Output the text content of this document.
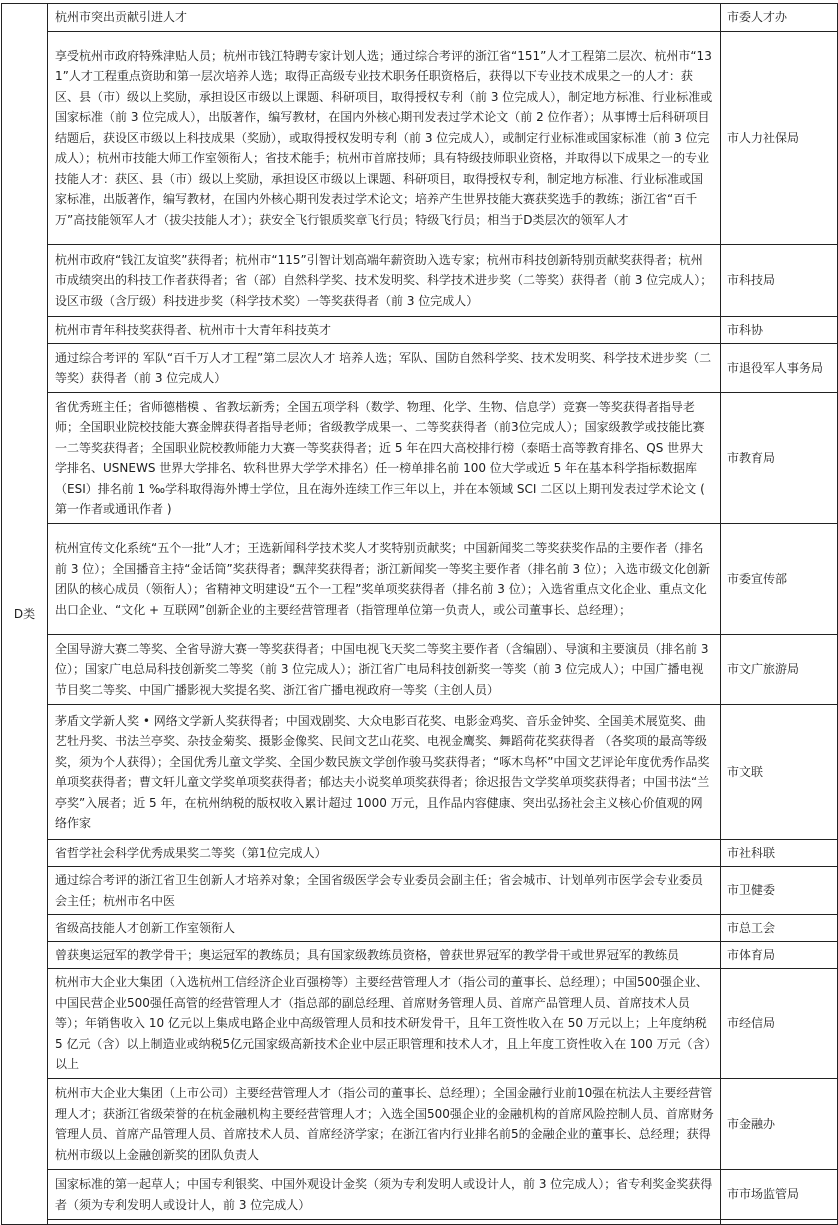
D类	杭州市突出贡献引进人才	市委人才办

	享受杭州市政府特殊津贴人员；杭州市钱江特聘专家计划人选；通过综合考评的浙江省“151”人才工程第二层次、杭州市“131”人才工程重点资助和第一层次培养人选；取得正高级专业技术职务任职资格后，获得以下专业技术成果之一的人才：获区、县（市）级以上奖励，承担设区市级以上课题、科研项目，取得授权专利（前 3 位完成人），制定地方标准、行业标准或国家标准（前 3 位完成人），出版著作，编写教材，在国内外核心期刊发表过学术论文（前 2 位作者）；从事博士后科研项目结题后，获设区市级以上科技成果（奖励），或取得授权发明专利（前 3 位完成人），或制定行业标准或国家标准（前 3 位完成人）；杭州市技能大师工作室领衔人；省技术能手；杭州市首席技师；具有特级技师职业资格，并取得以下成果之一的专业技能人才：获区、县（市）级以上奖励，承担设区市级以上课题、科研项目，取得授权专利，制定地方标准、行业标准或国家标准，出版著作，编写教材，在国内外核心期刊发表过学术论文；培养产生世界技能大赛获奖选手的教练；浙江省“百千万”高技能领军人才（拔尖技能人才）；获安全飞行银质奖章飞行员；特级飞行员；相当于D类层次的领军人才	市人力社保局

	杭州市政府“钱江友谊奖”获得者；杭州市“115”引智计划高端年薪资助入选专家；杭州市科技创新特别贡献奖获得者；杭州市成绩突出的科技工作者获得者；省（部）自然科学奖、技术发明奖、科学技术进步奖（二等奖）获得者（前 3 位完成人）；设区市级（含厅级）科技进步奖（科学技术奖）一等奖获得者（前 3 位完成人）	市科技局

	杭州市青年科技奖获得者、杭州市十大青年科技英才	市科协

	通过综合考评的 军队“百千万人才工程”第二层次人才 培养人选；军队、国防自然科学奖、技术发明奖、科学技术进步奖（二等奖）获得者（前 3 位完成人）	市退役军人事务局

	省优秀班主任；省师德楷模 、省教坛新秀；全国五项学科（数学、物理、化学、生物、信息学）竞赛一等奖获得者指导老师；全国职业院校技能大赛金牌获得者指导老师；省级教学成果一、二等奖获得者（前3位完成人）；国家级教学或技能比赛一二等奖获得者；全国职业院校教师能力大赛一等奖获得者；近 5 年在四大高校排行榜（泰晤士高等教育排名、QS 世界大学排名、USNEWS 世界大学排名、软科世界大学学术排名）任一榜单排名前 100 位大学或近 5 年在基本科学指标数据库（ESI）排名前 1 ‰学科取得海外博士学位，且在海外连续工作三年以上，并在本领域 SCI 二区以上期刊发表过学术论文 ( 第一作者或通讯作者 )	市教育局

	杭州宣传文化系统“五个一批”人才；王选新闻科学技术奖人才奖特别贡献奖；中国新闻奖二等奖获奖作品的主要作者（排名前 3 位）；全国播音主持“金话筒”奖获得者；飘萍奖获得者；浙江新闻奖一等奖主要作者（排名前 3 位）；入选市级文化创新团队的核心成员（领衔人）；省精神文明建设“五个一工程”奖单项奖获得者（排名前 3 位）；入选省重点文化企业、重点文化出口企业、“文化 + 互联网”创新企业的主要经营管理者（指管理单位第一负责人，或公司董事长、总经理）；	市委宣传部

	全国导游大赛二等奖、全省导游大赛一等奖获得者；中国电视飞天奖二等奖主要作者（含编剧）、导演和主要演员（排名前 3 位）；国家广电总局科技创新奖二等奖（前 3 位完成人）；浙江省广电局科技创新奖一等奖（前 3 位完成人）；中国广播电视节目奖二等奖、中国广播影视大奖提名奖、浙江省广播电视政府一等奖（主创人员）	市文广旅游局

	茅盾文学新人奖 • 网络文学新人奖获得者；中国戏剧奖、大众电影百花奖、电影金鸡奖、音乐金钟奖、全国美术展览奖、曲艺牡丹奖、书法兰亭奖、杂技金菊奖、摄影金像奖、民间文艺山花奖、电视金鹰奖、舞蹈荷花奖获得者 （各奖项的最高等级奖，须为个人获得）；全国优秀儿童文学奖、全国少数民族文学创作骏马奖获得者；“啄木鸟杯”中国文艺评论年度优秀作品奖单项奖获得者；曹文轩儿童文学奖单项奖获得者；郁达夫小说奖单项奖获得者；徐迟报告文学奖单项奖获得者；中国书法“兰亭奖”入展者；近 5 年，在杭州纳税的版权收入累计超过 1000 万元，且作品内容健康、突出弘扬社会主义核心价值观的网络作家	市文联

	省哲学社会科学优秀成果奖二等奖（第1位完成人）	市社科联

	通过综合考评的浙江省卫生创新人才培养对象；全国省级医学会专业委员会副主任；省会城市、计划单列市医学会专业委员会主任；杭州市名中医	市卫健委

	省级高技能人才创新工作室领衔人	市总工会

	曾获奥运冠军的教学骨干；奥运冠军的教练员；具有国家级教练员资格，曾获世界冠军的教学骨干或世界冠军的教练员	市体育局

	杭州市大企业大集团（入选杭州工信经济企业百强榜等）主要经营管理人才（指公司的董事长、总经理）；中国500强企业、中国民营企业500强任高管的经营管理人才（指总部的副总经理、首席财务管理人员、首席产品管理人员、首席技术人员等）；年销售收入 10 亿元以上集成电路企业中高级管理人员和技术研发骨干，且年工资性收入在 50 万元以上；上年度纳税 5 亿元（含）以上制造业或纳税5亿元国家级高新技术企业中层正职管理和技术人才，且上年度工资性收入在 100 万元（含）以上	市经信局

	杭州市大企业大集团（上市公司）主要经营管理人才（指公司的董事长、总经理）；全国金融行业前10强在杭法人主要经营管理人才；获浙江省级荣誉的在杭金融机构主要经营管理人才；入选全国500强企业的金融机构的首席风险控制人员、首席财务管理人员、首席产品管理人员、首席技术人员、首席经济学家；在浙江省内行业排名前5的金融企业的董事长、总经理；获得杭州市级以上金融创新奖的团队负责人	市金融办

	国家标准的第一起草人；中国专利银奖、中国外观设计金奖（须为专利发明人或设计人，前 3 位完成人）；省专利奖金奖获得者（须为专利发明人或设计人，前 3 位完成人）	市市场监管局
